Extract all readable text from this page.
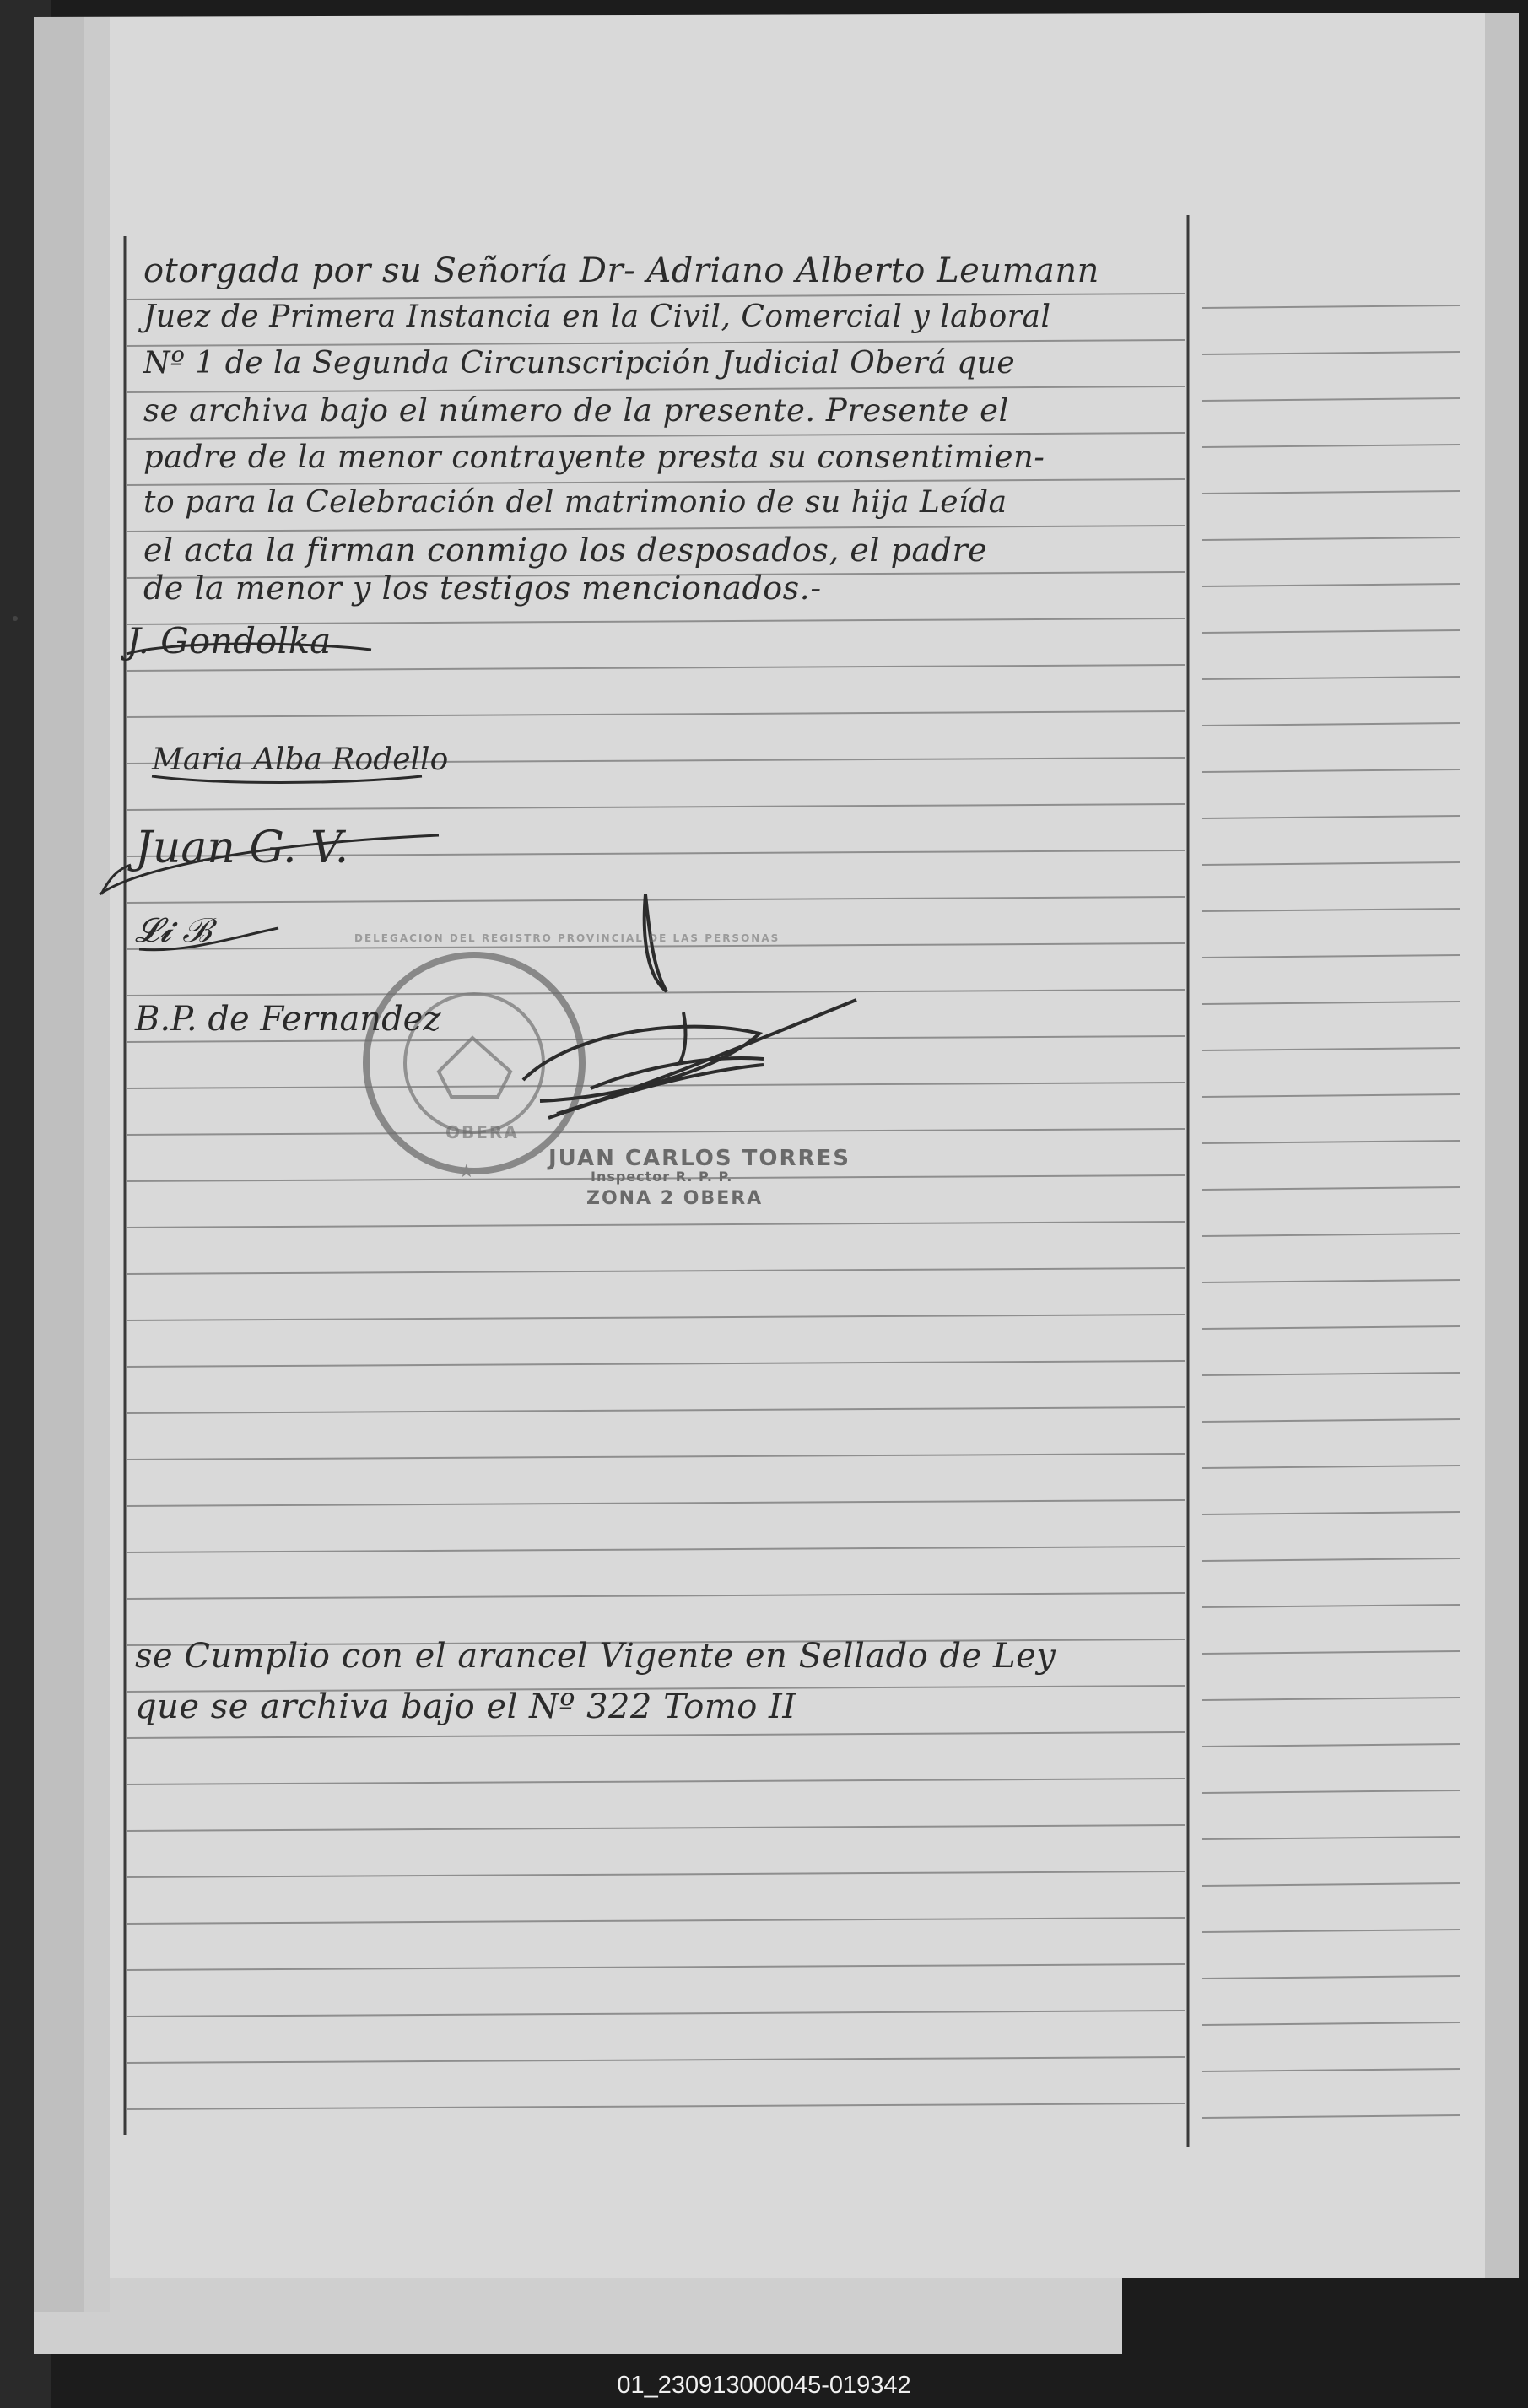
★
otorgada por su Señoría Dr- Adriano Alberto Leumann
Juez de Primera Instancia en la Civil, Comercial y laboral
Nº 1 de la Segunda Circunscripción Judicial Oberá que
se archiva bajo el número de la presente. Presente el
padre de la menor contrayente presta su consentimien-
to para la Celebración del matrimonio de su hija Leída
el acta la firman conmigo los desposados, el padre
de la menor y los testigos mencionados.-
J. Gondolka
Maria Alba Rodello
Juan G. V.
𝓛𝓲 ℬ
B.P. de Fernandez
DELEGACION DEL REGISTRO PROVINCIAL DE LAS PERSONAS
OBERA
JUAN CARLOS TORRES
Inspector R. P. P.
ZONA 2 OBERA
se Cumplio con el arancel Vigente en Sellado de Ley
que se archiva bajo el Nº 322 Tomo II
01_230913000045-019342
